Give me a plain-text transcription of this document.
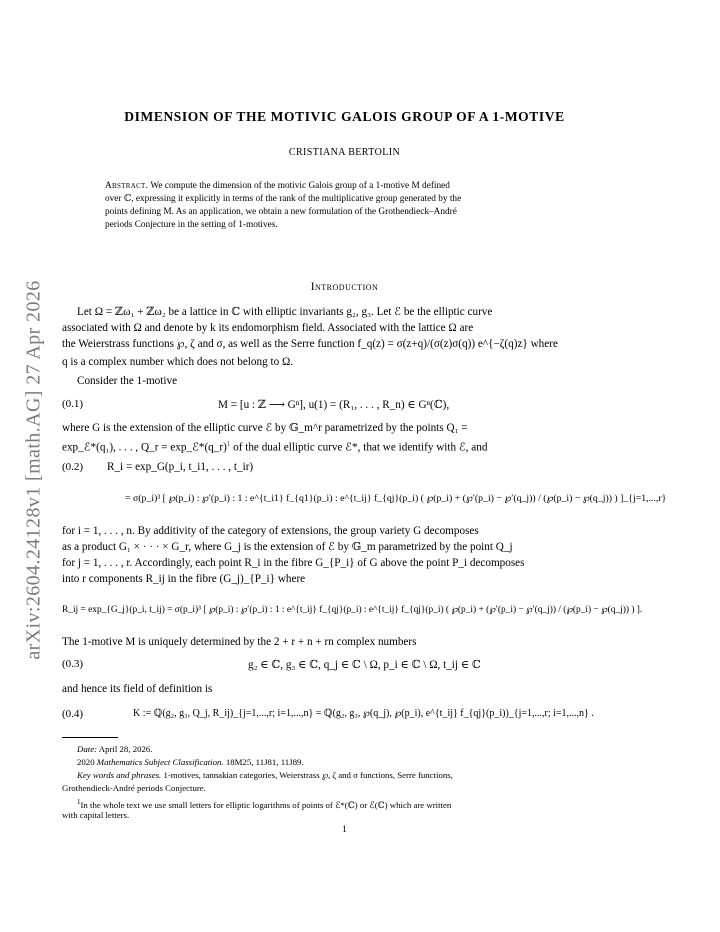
arXiv:2604.24128v1 [math.AG] 27 Apr 2026
DIMENSION OF THE MOTIVIC GALOIS GROUP OF A 1-MOTIVE
CRISTIANA BERTOLIN
Abstract. We compute the dimension of the motivic Galois group of a 1-motive M defined
over ℂ, expressing it explicitly in terms of the rank of the multiplicative group generated by the
points defining M. As an application, we obtain a new formulation of the Grothendieck–André
periods Conjecture in the setting of 1-motives.
Introduction
Let Ω = ℤω₁ + ℤω₂ be a lattice in ℂ with elliptic invariants g₂, g₃. Let ℰ be the elliptic curve
associated with Ω and denote by k its endomorphism field. Associated with the lattice Ω are
the Weierstrass functions ℘, ζ and σ, as well as the Serre function f_q(z) = σ(z+q)/(σ(z)σ(q)) e^{−ζ(q)z} where
q is a complex number which does not belong to Ω.
Consider the 1-motive
(0.1)	M = [u : ℤ ⟶ Gⁿ], u(1) = (R₁, . . . , R_n) ∈ Gⁿ(ℂ),
where G is the extension of the elliptic curve ℰ by 𝔾_m^r parametrized by the points Q₁ =
exp_ℰ*(q₁), . . . , Q_r = exp_ℰ*(q_r)$^1$ of the dual elliptic curve ℰ*, that we identify with ℰ, and
(0.2) R_i = exp_G(p_i, t_i1, . . . , t_ir)
= σ(p_i)³ [ ℘(p_i) : ℘′(p_i) : 1 : e^{t_i1} f_{q1}(p_i) : e^{t_ij} f_{qj}(p_i) ( ℘(p_i) + (℘′(p_i) − ℘′(q_j)) / (℘(p_i) − ℘(q_j)) ) ]_{j=1,...,r}
for i = 1, . . . , n. By additivity of the category of extensions, the group variety G decomposes
as a product G₁ × · · · × G_r, where G_j is the extension of ℰ by 𝔾_m parametrized by the point Q_j
for j = 1, . . . , r. Accordingly, each point R_i in the fibre G_{P_i} of G above the point P_i decomposes
into r components R_ij in the fibre (G_j)_{P_i} where
R_ij = exp_{G_j}(p_i, t_ij) = σ(p_i)³ [ ℘(p_i) : ℘′(p_i) : 1 : e^{t_ij} f_{qj}(p_i) : e^{t_ij} f_{qj}(p_i) ( ℘(p_i) + (℘′(p_i) − ℘′(q_j)) / (℘(p_i) − ℘(q_j)) ) ].
The 1-motive M is uniquely determined by the 2 + r + n + rn complex numbers
(0.3)	g₂ ∈ ℂ, g₃ ∈ ℂ, q_j ∈ ℂ \ Ω, p_i ∈ ℂ \ Ω, t_ij ∈ ℂ
and hence its field of definition is
(0.4)	K := ℚ(g₂, g₃, Q_j, R_ij)_{j=1,...,r; i=1,...,n} = ℚ(g₂, g₃, ℘(q_j), ℘(p_i), e^{t_ij} f_{qj}(p_i))_{j=1,...,r; i=1,...,n} .
Date: April 28, 2026.
2020 Mathematics Subject Classification. 18M25, 11J81, 11J89.
Key words and phrases. 1-motives, tannakian categories, Weierstrass ℘, ζ and σ functions, Serre functions,
Grothendieck-André periods Conjecture.
$^1$In the whole text we use small letters for elliptic logarithms of points of ℰ*(ℂ) or ℰ(ℂ) which are written
with capital letters.
1
